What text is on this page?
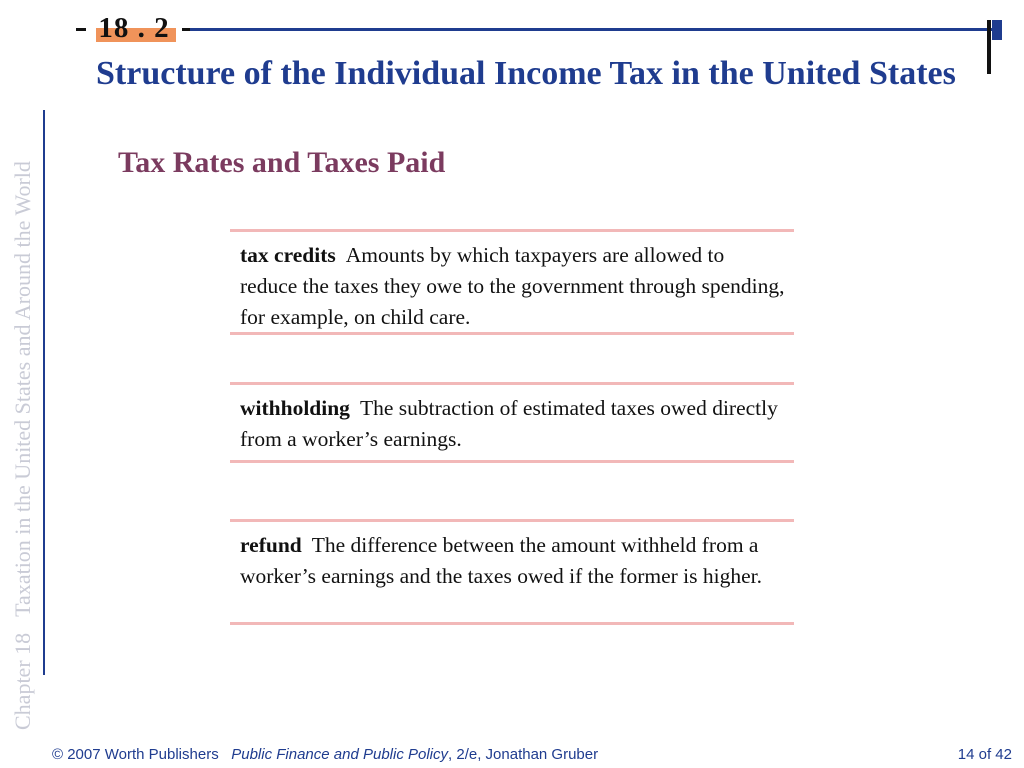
18 . 2
Chapter 18
Taxation in the United States and Around the World
Structure of the Individual Income Tax in the United States
Tax Rates and Taxes Paid
tax credits Amounts by which taxpayers are allowed to reduce the taxes they owe to the government through spending, for example, on child care.
withholding The subtraction of estimated taxes owed directly from a worker’s earnings.
refund The difference between the amount withheld from a worker’s earnings and the taxes owed if the former is higher.
© 2007 Worth Publishers Public Finance and Public Policy, 2/e, Jonathan Gruber	14 of 42
